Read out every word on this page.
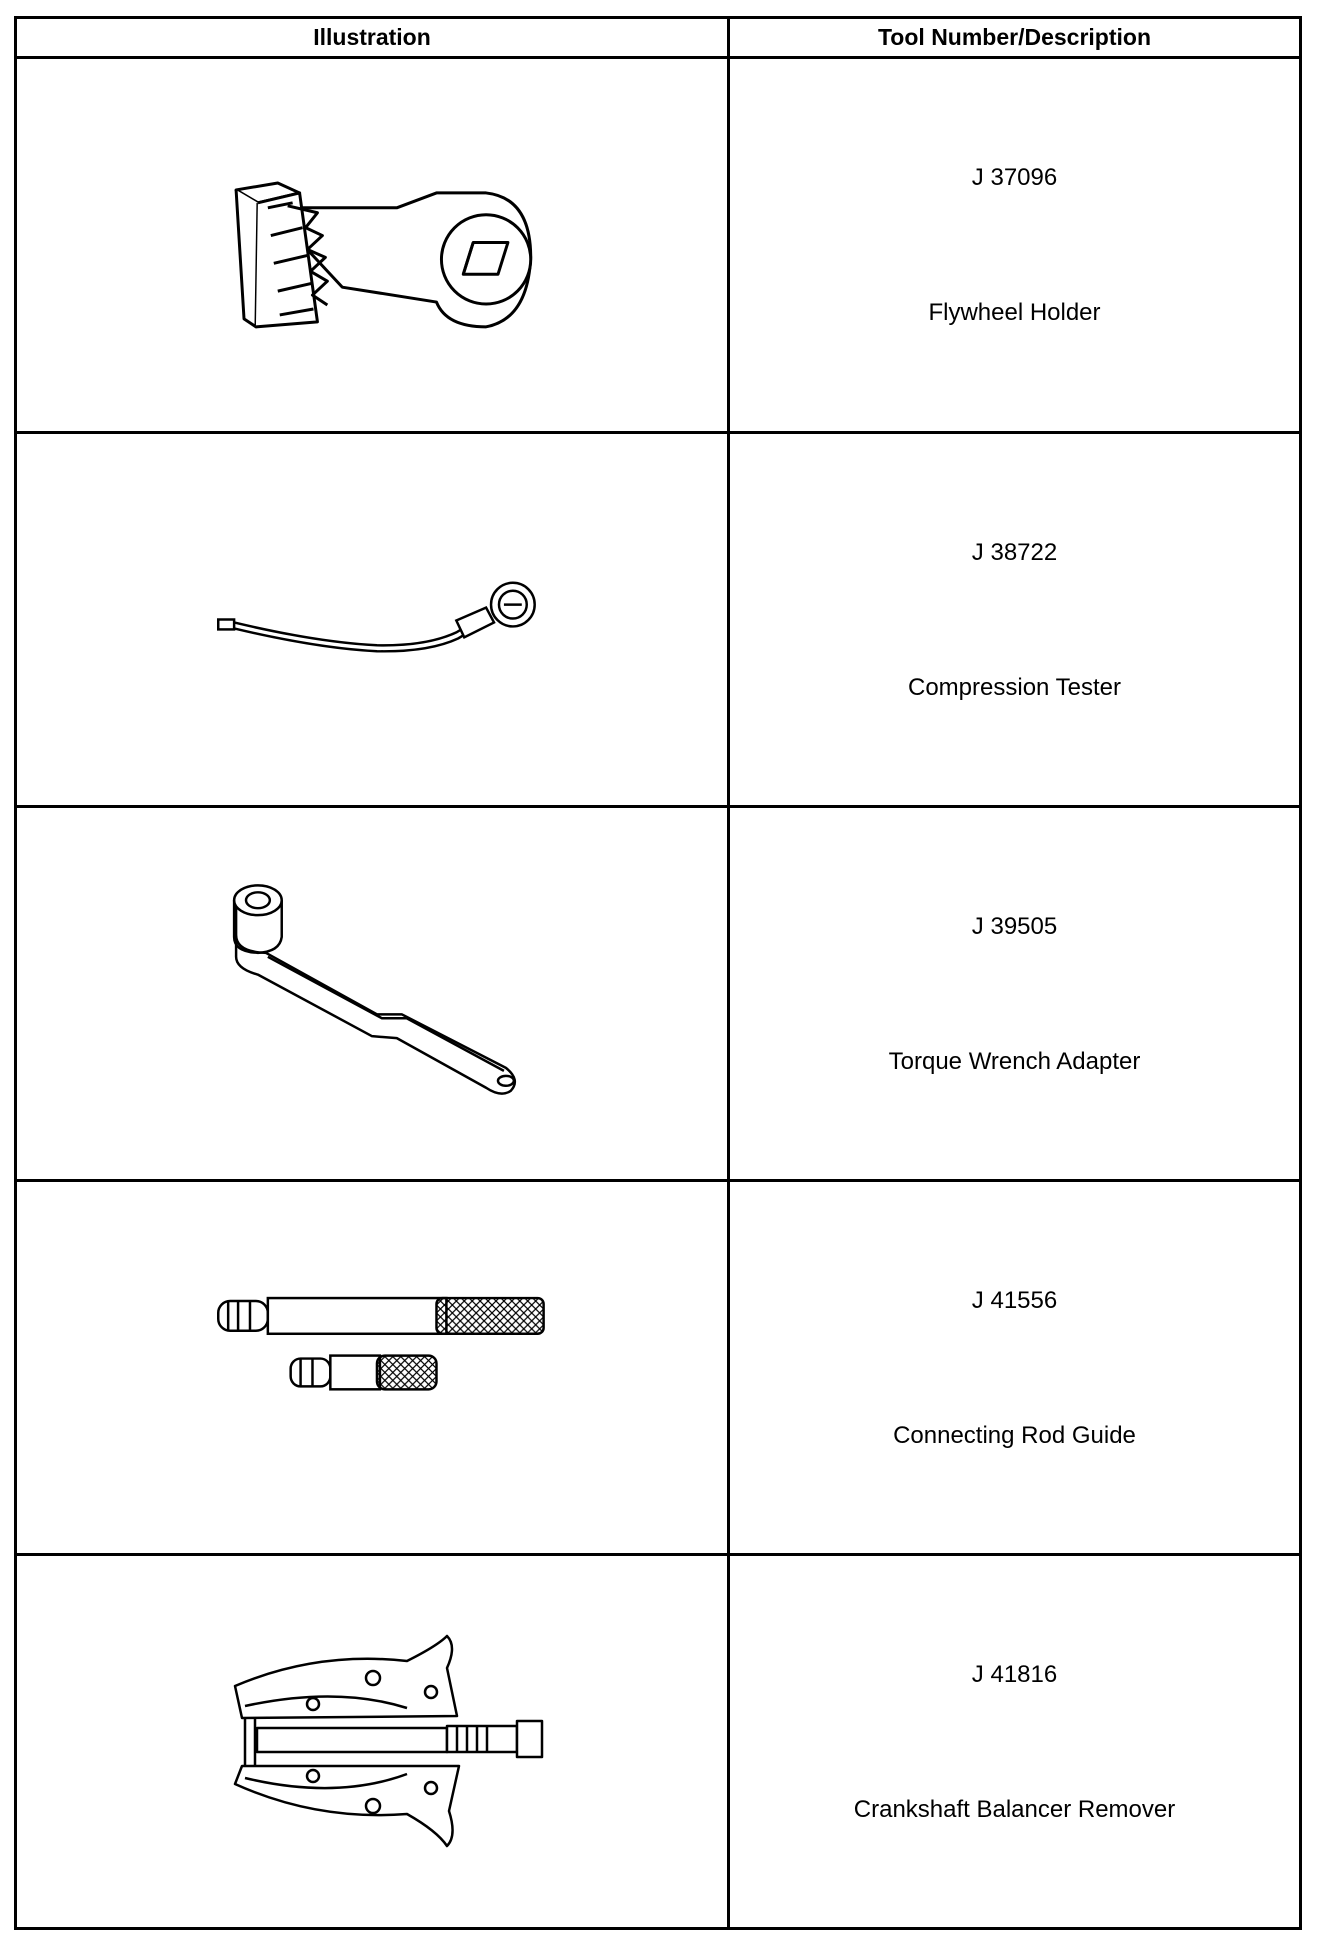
Illustration	Tool Number/Description
J 37096
Flywheel Holder
J 38722
Compression Tester
J 39505
Torque Wrench Adapter
J 41556
Connecting Rod Guide
J 41816
Crankshaft Balancer Remover
